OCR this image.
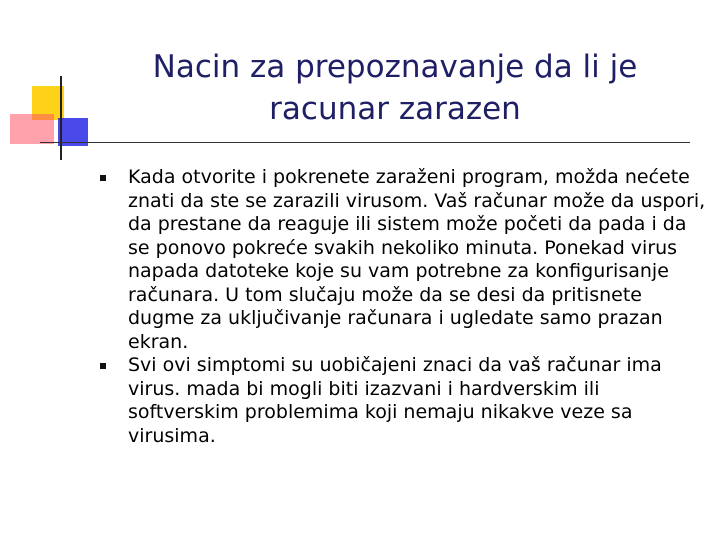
Nacin za prepoznavanje da li je
racunar zarazen
Kada otvorite i pokrenete zaraženi program, možda nećete znati da ste se zarazili virusom. Vaš računar može da uspori, da prestane da reaguje ili sistem može početi da pada i da se ponovo pokreće svakih nekoliko minuta. Ponekad virus napada datoteke koje su vam potrebne za konfigurisanje računara. U tom slučaju može da se desi da pritisnete dugme za uključivanje računara i ugledate samo prazan ekran.
Svi ovi simptomi su uobičajeni znaci da vaš računar ima virus. mada bi mogli biti izazvani i hardverskim ili softverskim problemima koji nemaju nikakve veze sa virusima.
